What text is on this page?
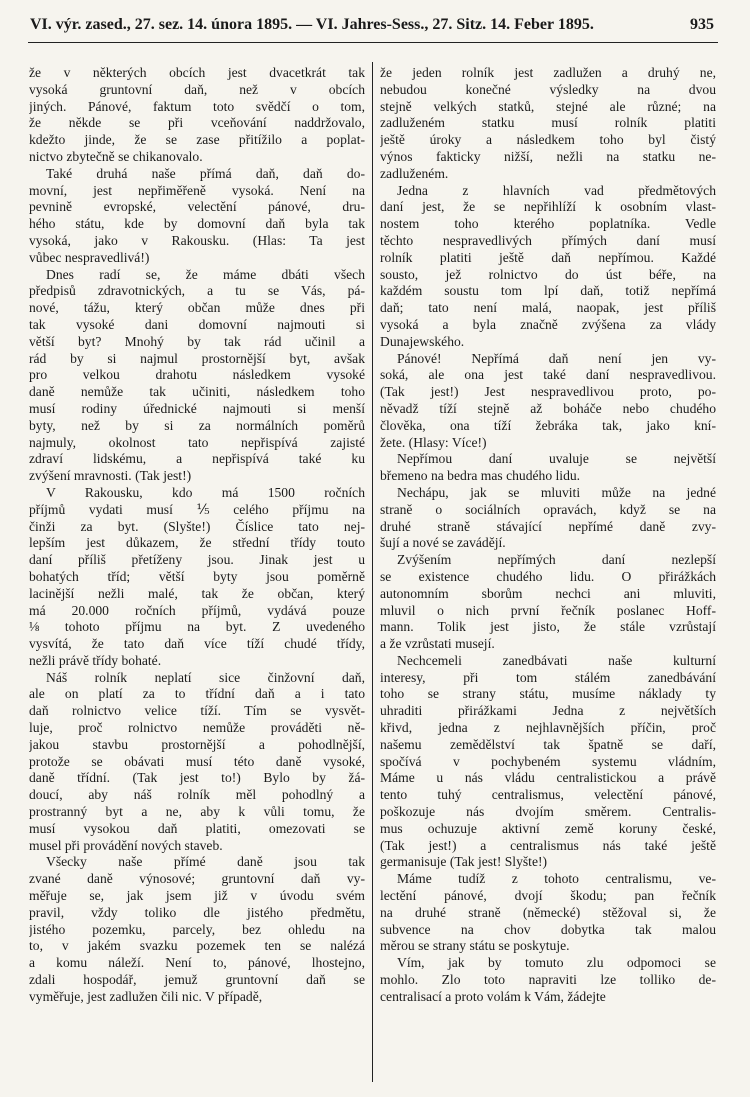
VI. výr. zased., 27. sez. 14. února 1895. — VI. Jahres-Sess., 27. Sitz. 14. Feber 1895.	935
že v některých obcích jest dvacetkrát tak
vysoká gruntovní daň, než v obcích
jiných. Pánové, faktum toto svědčí o tom,
že někde se při vceňování naddržovalo,
kdežto jinde, že se zase přitížilo a poplat-
nictvo zbytečně se chikanovalo.
Také druhá naše přímá daň, daň do-
movní, jest nepřiměřeně vysoká. Není na
pevnině evropské, velectění pánové, dru-
hého státu, kde by domovní daň byla tak
vysoká, jako v Rakousku. (Hlas: Ta jest
vůbec nespravedlivá!)
Dnes radí se, že máme dbáti všech
předpisů zdravotnických, a tu se Vás, pá-
nové, tážu, který občan může dnes při
tak vysoké dani domovní najmouti si
větší byt? Mnohý by tak rád učinil a
rád by si najmul prostornější byt, avšak
pro velkou drahotu následkem vysoké
daně nemůže tak učiniti, následkem toho
musí rodiny úřednické najmouti si menší
byty, než by si za normálních poměrů
najmuly, okolnost tato nepřispívá zajisté
zdraví lidskému, a nepřispívá také ku
zvýšení mravnosti. (Tak jest!)
V Rakousku, kdo má 1500 ročních
příjmů vydati musí ⅕ celého příjmu na
činži za byt. (Slyšte!) Číslice tato nej-
lepším jest důkazem, že střední třídy touto
daní příliš přetíženy jsou. Jinak jest u
bohatých tříd; větší byty jsou poměrně
lacinější nežli malé, tak že občan, který
má 20.000 ročních příjmů, vydává pouze
⅛ tohoto příjmu na byt. Z uvedeného
vysvítá, že tato daň více tíží chudé třídy,
nežli právě třídy bohaté.
Náš rolník neplatí sice činžovní daň,
ale on platí za to třídní daň a i tato
daň rolnictvo velice tíží. Tím se vysvět-
luje, proč rolnictvo nemůže prováděti ně-
jakou stavbu prostornější a pohodlnější,
protože se obávati musí této daně vysoké,
daně třídní. (Tak jest to!) Bylo by žá-
doucí, aby náš rolník měl pohodlný a
prostranný byt a ne, aby k vůli tomu, že
musí vysokou daň platiti, omezovati se
musel při provádění nových staveb.
Všecky naše přímé daně jsou tak
zvané daně výnosové; gruntovní daň vy-
měřuje se, jak jsem již v úvodu svém
pravil, vždy toliko dle jistého předmětu,
jistého pozemku, parcely, bez ohledu na
to, v jakém svazku pozemek ten se nalézá
a komu náleží. Není to, pánové, lhostejno,
zdali hospodář, jemuž gruntovní daň se
vyměřuje, jest zadlužen čili nic. V případě,
že jeden rolník jest zadlužen a druhý ne,
nebudou konečné výsledky na dvou
stejně velkých statků, stejné ale různé; na
zadluženém statku musí rolník platiti
ještě úroky a následkem toho byl čistý
výnos fakticky nižší, nežli na statku ne-
zadluženém.
Jedna z hlavních vad předmětových
daní jest, že se nepřihlíží k osobním vlast-
nostem toho kterého poplatníka. Vedle
těchto nespravedlivých přímých daní musí
rolník platiti ještě daň nepřímou. Každé
sousto, jež rolnictvo do úst béře, na
každém soustu tom lpí daň, totiž nepřímá
daň; tato není malá, naopak, jest příliš
vysoká a byla značně zvýšena za vlády
Dunajewského.
Pánové! Nepřímá daň není jen vy-
soká, ale ona jest také daní nespravedlivou.
(Tak jest!) Jest nespravedlivou proto, po-
něvadž tíží stejně až boháče nebo chudého
člověka, ona tíží žebráka tak, jako kní-
žete. (Hlasy: Více!)
Nepřímou daní uvaluje se největší
břemeno na bedra mas chudého lidu.
Nechápu, jak se mluviti může na jedné
straně o sociálních opravách, když se na
druhé straně stávající nepřímé daně zvy-
šují a nové se zavádějí.
Zvýšením nepřímých daní nezlepší
se existence chudého lidu. O přirážkách
autonomním sborům nechci ani mluviti,
mluvil o nich první řečník poslanec Hoff-
mann. Tolik jest jisto, že stále vzrůstají
a že vzrůstati musejí.
Nechcemeli zanedbávati naše kulturní
interesy, při tom stálém zanedbávání
toho se strany státu, musíme náklady ty
uhraditi přirážkami Jedna z největších
křivd, jedna z nejhlavnějších příčin, proč
našemu zemědělství tak špatně se daří,
spočívá v pochybeném systemu vládním,
Máme u nás vládu centralistickou a právě
tento tuhý centralismus, velectění pánové,
poškozuje nás dvojím směrem. Centralis-
mus ochuzuje aktivní země koruny české,
(Tak jest!) a centralismus nás také ještě
germanisuje (Tak jest! Slyšte!)
Máme tudíž z tohoto centralismu, ve-
lectění pánové, dvojí škodu; pan řečník
na druhé straně (německé) stěžoval si, že
subvence na chov dobytka tak malou
měrou se strany státu se poskytuje.
Vím, jak by tomuto zlu odpomoci se
mohlo. Zlo toto napraviti lze tolliko de-
centralisací a proto volám k Vám, žádejte
